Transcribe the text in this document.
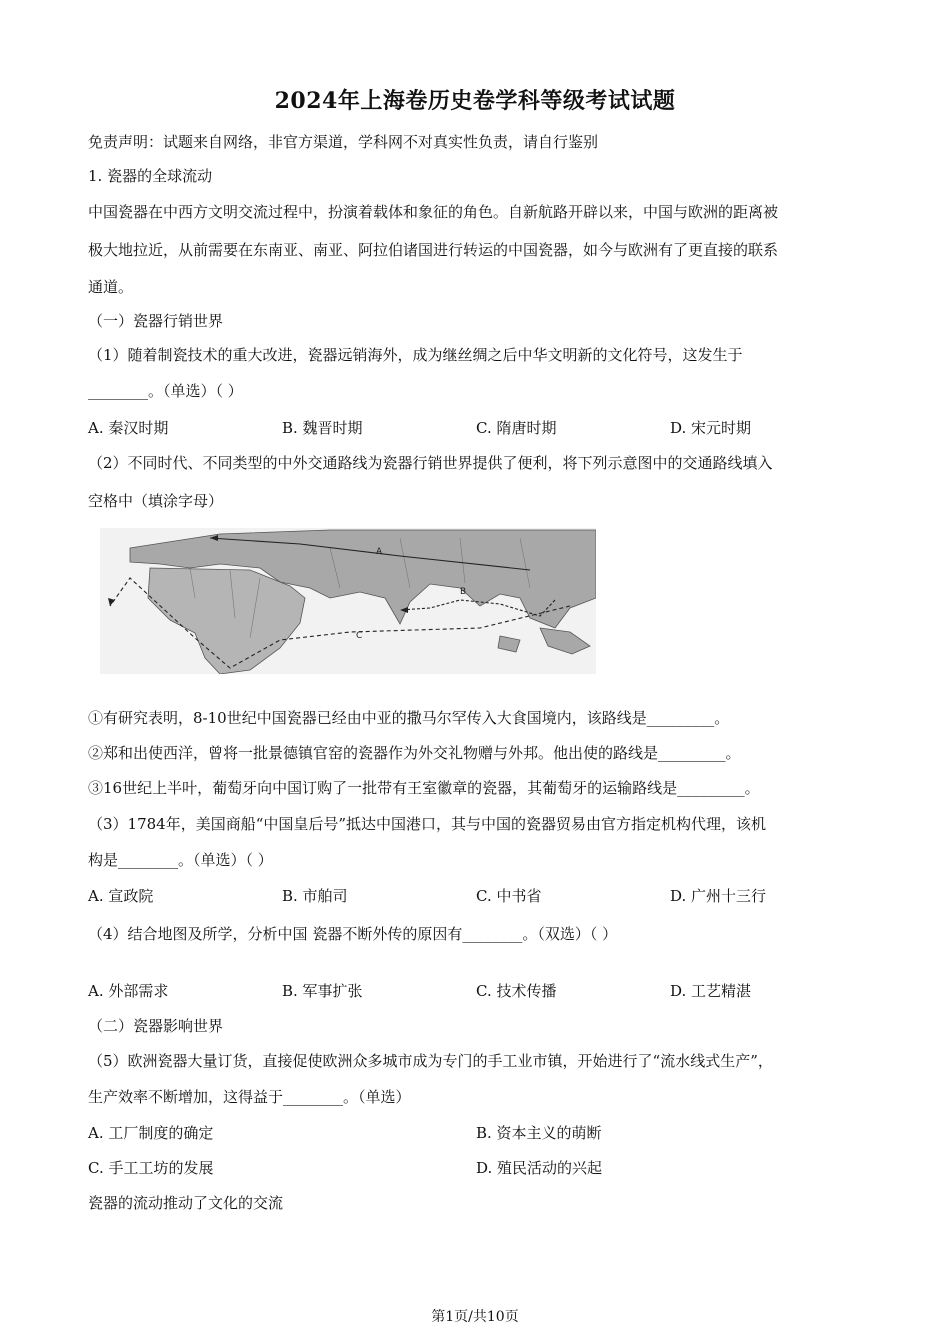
2024年上海卷历史卷学科等级考试试题
免责声明：试题来自网络，非官方渠道，学科网不对真实性负责，请自行鉴别
1. 瓷器的全球流动
中国瓷器在中西方文明交流过程中，扮演着载体和象征的角色。自新航路开辟以来，中国与欧洲的距离被
极大地拉近，从前需要在东南亚、南亚、阿拉伯诸国进行转运的中国瓷器，如今与欧洲有了更直接的联系
通道。
（一）瓷器行销世界
（1）随着制瓷技术的重大改进，瓷器远销海外，成为继丝绸之后中华文明新的文化符号，这发生于
________。（单选）（ ）
A. 秦汉时期	B. 魏晋时期	C. 隋唐时期	D. 宋元时期
（2）不同时代、不同类型的中外交通路线为瓷器行销世界提供了便利，将下列示意图中的交通路线填入
空格中（填涂字母）
A
B
C
①有研究表明，8-10世纪中国瓷器已经由中亚的撒马尔罕传入大食国境内，该路线是_________。
②郑和出使西洋，曾将一批景德镇官窑的瓷器作为外交礼物赠与外邦。他出使的路线是_________。
③16世纪上半叶，葡萄牙向中国订购了一批带有王室徽章的瓷器，其葡萄牙的运输路线是_________。
（3）1784年，美国商船“中国皇后号”抵达中国港口，其与中国的瓷器贸易由官方指定机构代理，该机
构是________。（单选）（ ）
A. 宣政院	B. 市舶司	C. 中书省	D. 广州十三行
（4）结合地图及所学，分析中国 瓷器不断外传的原因有________。（双选）（ ）
A. 外部需求	B. 军事扩张	C. 技术传播	D. 工艺精湛
（二）瓷器影响世界
（5）欧洲瓷器大量订货，直接促使欧洲众多城市成为专门的手工业市镇，开始进行了“流水线式生产”，
生产效率不断增加，这得益于________。（单选）
A. 工厂制度的确定	B. 资本主义的萌断
C. 手工工坊的发展	D. 殖民活动的兴起
瓷器的流动推动了文化的交流
第1页/共10页
